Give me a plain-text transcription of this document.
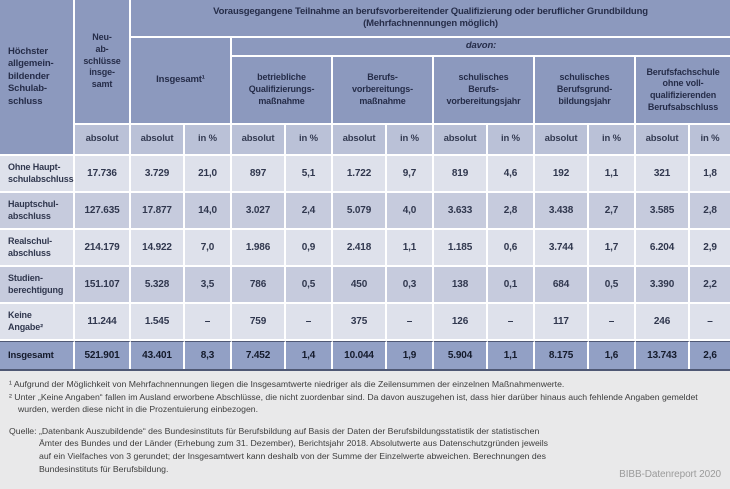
Höchster
allgemein-
bildender
Schulab-
schluss	Neu-
ab-
schlüsse
insge-
samt	Vorausgegangene Teilnahme an berufsvorbereitender Qualifizierung oder beruflicher Grundbildung
(Mehrfachnennungen möglich)											
		Insgesamt¹		davon:									
				betriebliche
Qualifizierungs-
maßnahme		Berufs-
vorbereitungs-
maßnahme		schulisches
Berufs-
vorbereitungsjahr		schulisches
Berufsgrund-
bildungsjahr		Berufsfachschule
ohne voll-
qualifizierenden
Berufsabschluss	
	absolut	absolut	in %	absolut	in %	absolut	in %	absolut	in %	absolut	in %	absolut	in %
Ohne Haupt-
schulabschluss	17.736	3.729	21,0	897	5,1	1.722	9,7	819	4,6	192	1,1	321	1,8
Hauptschul-
abschluss	127.635	17.877	14,0	3.027	2,4	5.079	4,0	3.633	2,8	3.438	2,7	3.585	2,8
Realschul-
abschluss	214.179	14.922	7,0	1.986	0,9	2.418	1,1	1.185	0,6	3.744	1,7	6.204	2,9
Studien-
berechtigung	151.107	5.328	3,5	786	0,5	450	0,3	138	0,1	684	0,5	3.390	2,2
Keine
Angabe²	11.244	1.545	–	759	–	375	–	126	–	117	–	246	–
Insgesamt	521.901	43.401	8,3	7.452	1,4	10.044	1,9	5.904	1,1	8.175	1,6	13.743	2,6
¹ Aufgrund der Möglichkeit von Mehrfachnennungen liegen die Insgesamtwerte niedriger als die Zeilensummen der einzelnen Maßnahmenwerte.
² Unter „Keine Angaben“ fallen im Ausland erworbene Abschlüsse, die nicht zuordenbar sind. Da davon auszugehen ist, dass hier darüber hinaus auch fehlende Angaben gemeldet wurden, werden diese nicht in die Prozentuierung einbezogen.
Quelle: „Datenbank Auszubildende“ des Bundesinstituts für Berufsbildung auf Basis der Daten der Berufsbildungsstatistik der statistischen Ämter des Bundes und der Länder (Erhebung zum 31. Dezember), Berichtsjahr 2018. Absolutwerte aus Datenschutzgründen jeweils auf ein Vielfaches von 3 gerundet; der Insgesamtwert kann deshalb von der Summe der Einzelwerte abweichen. Berechnungen des Bundesinstituts für Berufsbildung.
BIBB-Datenreport 2020
